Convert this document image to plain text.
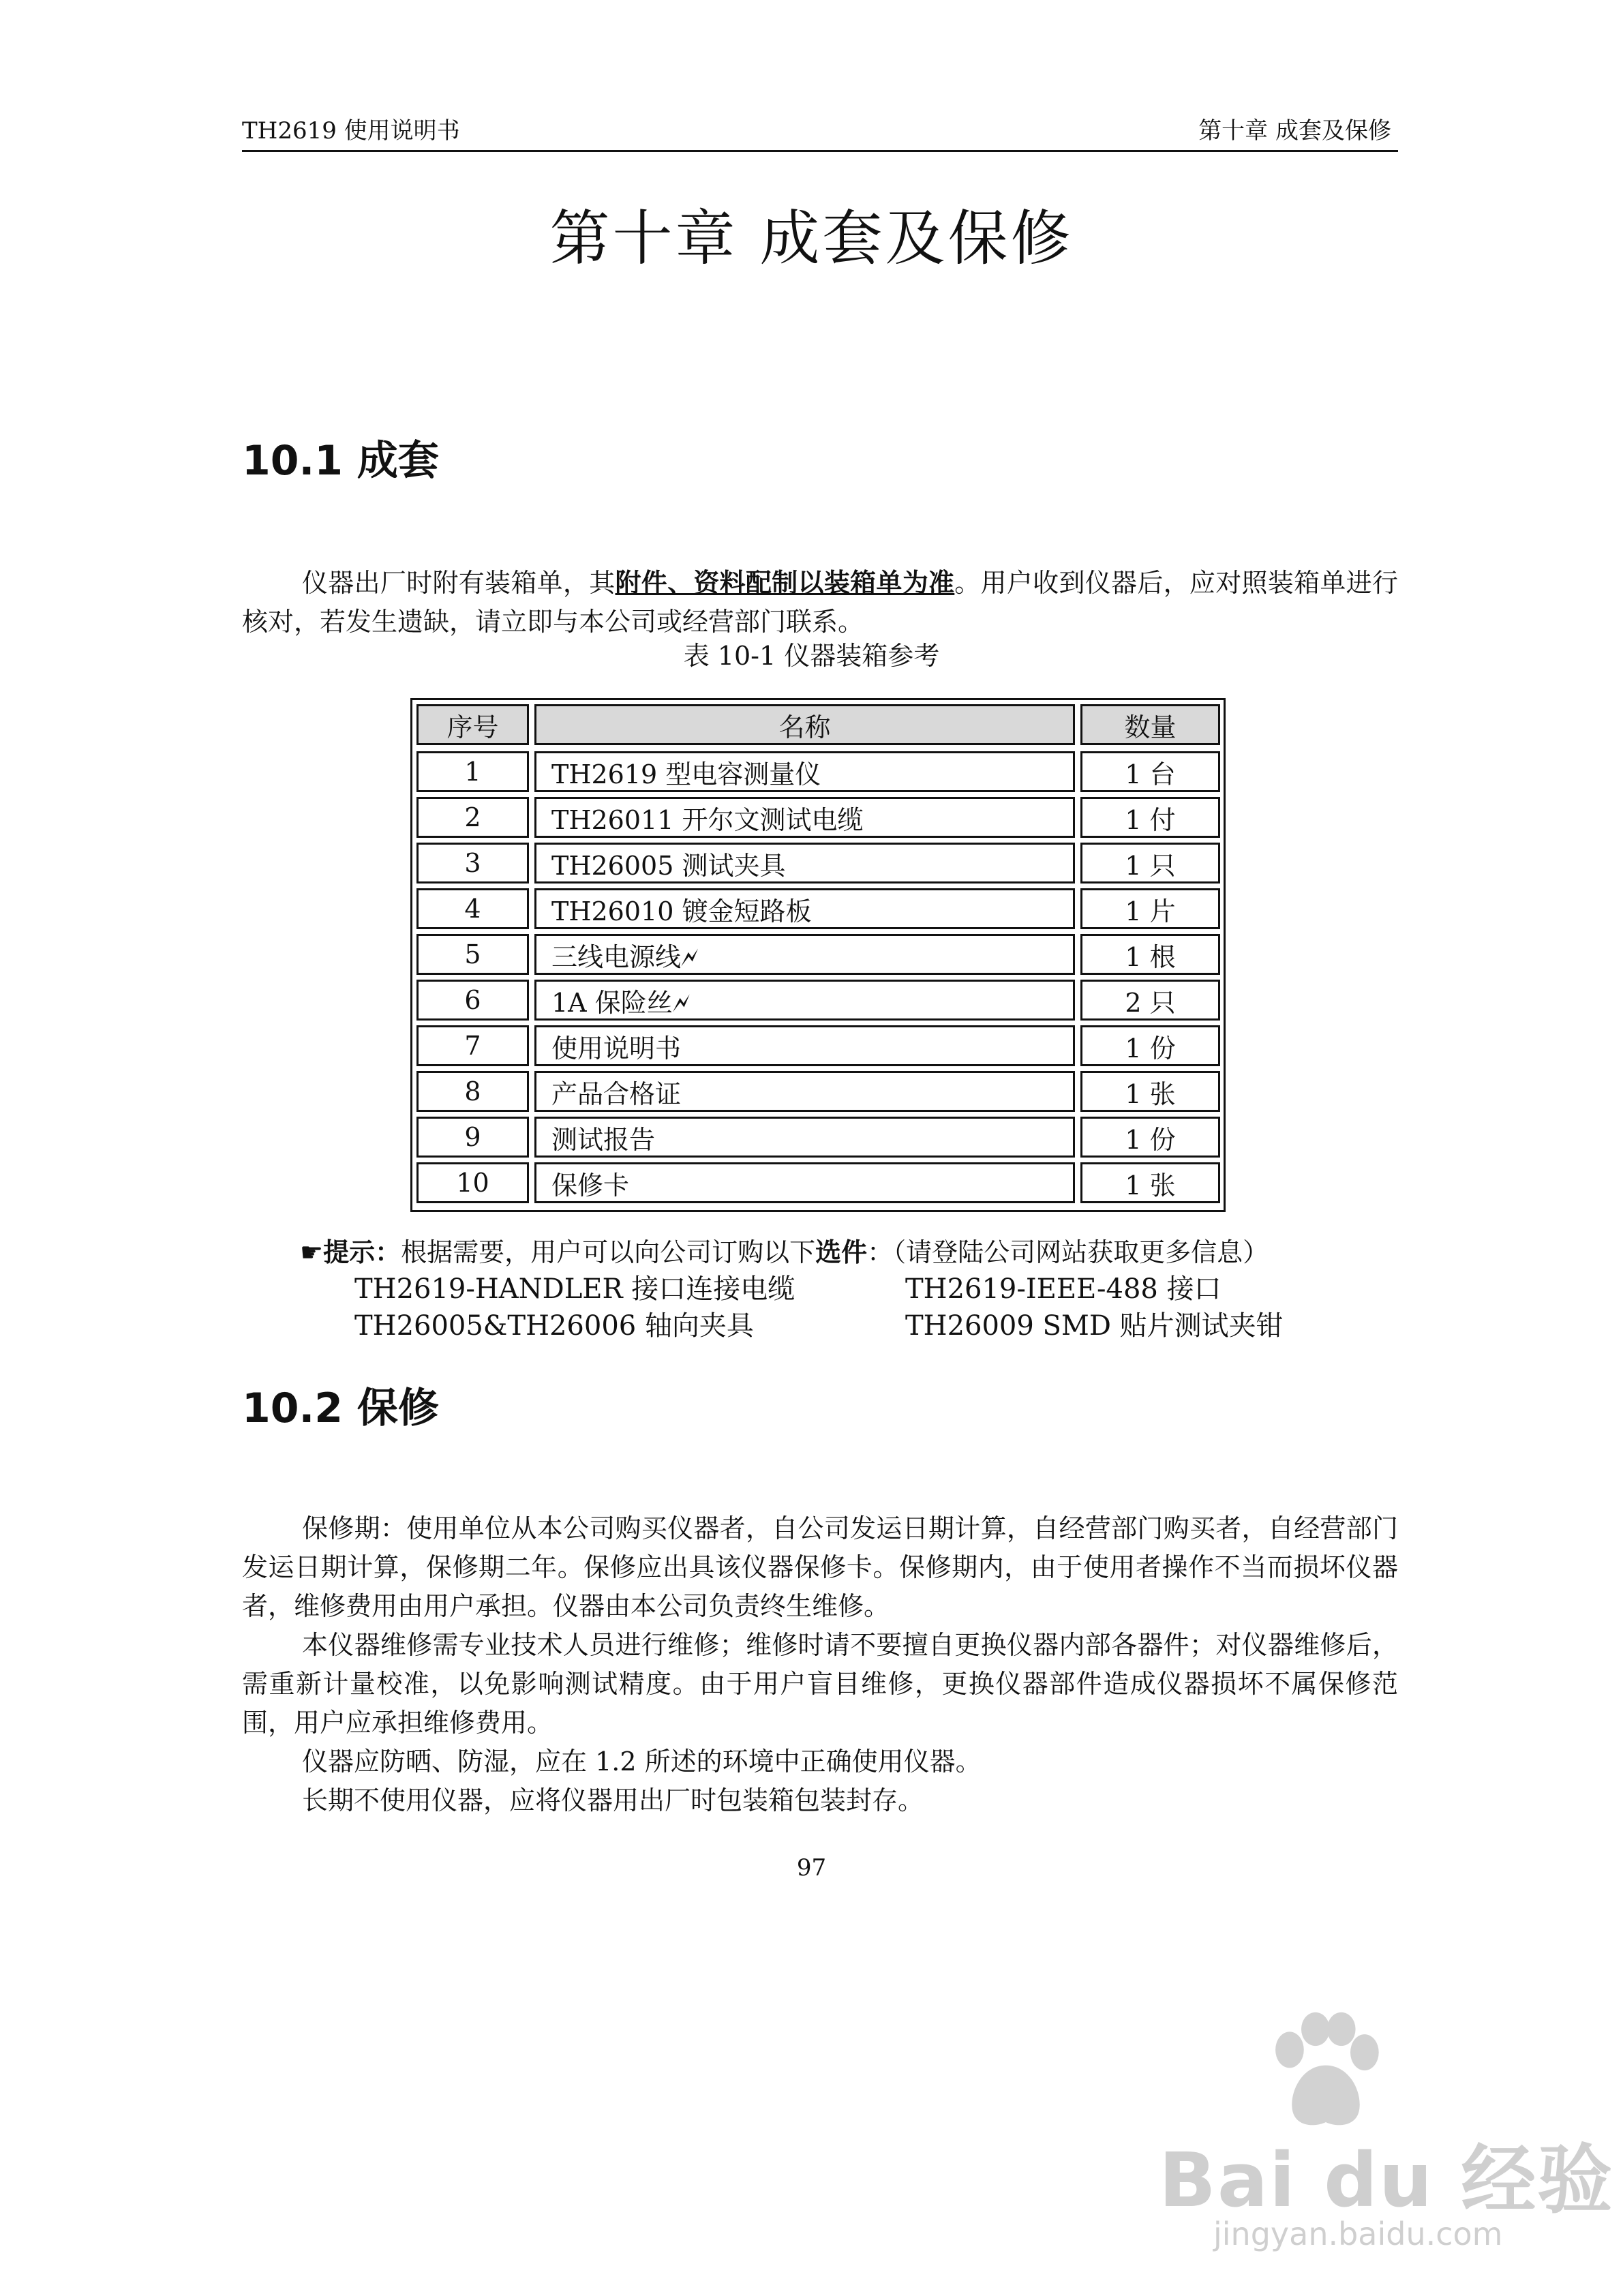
TH2619 使用说明书	第十章 成套及保修
第十章 成套及保修
10.1 成套

仪器出厂时附有装箱单，其附件、资料配制以装箱单为准。用户收到仪器后，应对照装箱单进行核对，若发生遗缺，请立即与本公司或经营部门联系。

表 10-1 仪器装箱参考
序号	名称	数量
1	TH2619 型电容测量仪	1 台
2	TH26011 开尔文测试电缆	1 付
3	TH26005 测试夹具	1 只
4	TH26010 镀金短路板	1 片
5	三线电源线🗲	1 根
6	1A 保险丝🗲	2 只
7	使用说明书	1 份
8	产品合格证	1 张
9	测试报告	1 份
10	保修卡	1 张
☛提示：根据需要，用户可以向公司订购以下选件：（请登陆公司网站获取更多信息）
TH2619-HANDLER 接口连接电缆	TH2619-IEEE-488 接口
TH26005&TH26006 轴向夹具	TH26009 SMD 贴片测试夹钳
10.2 保修

保修期：使用单位从本公司购买仪器者，自公司发运日期计算，自经营部门购买者，自经营部门发运日期计算，保修期二年。保修应出具该仪器保修卡。保修期内，由于使用者操作不当而损坏仪器者，维修费用由用户承担。仪器由本公司负责终生维修。

本仪器维修需专业技术人员进行维修；维修时请不要擅自更换仪器内部各器件；对仪器维修后，需重新计量校准，以免影响测试精度。由于用户盲目维修，更换仪器部件造成仪器损坏不属保修范围，用户应承担维修费用。

仪器应防晒、防湿，应在 1.2 所述的环境中正确使用仪器。

长期不使用仪器，应将仪器用出厂时包装箱包装封存。

97
Bai du 经验
jingyan.baidu.com
